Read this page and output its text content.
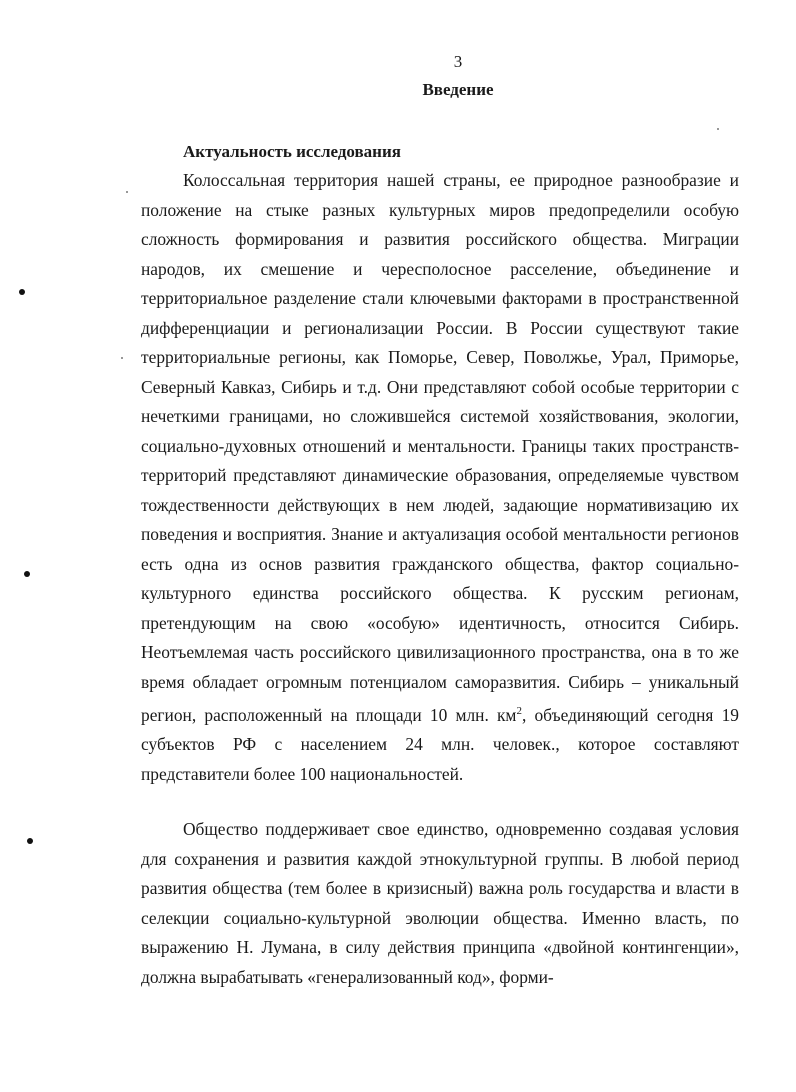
3
Введение
Актуальность исследования

Колоссальная территория нашей страны, ее природное разнообразие и положение на стыке разных культурных миров предопределили особую сложность формирования и развития российского общества. Миграции народов, их смешение и чересполосное расселение, объединение и территориальное разделение стали ключевыми факторами в пространственной дифференциации и регионализации России. В России существуют такие территориальные регионы, как Поморье, Север, Поволжье, Урал, Приморье, Северный Кавказ, Сибирь и т.д. Они представляют собой особые территории с нечеткими границами, но сложившейся системой хозяйствования, экологии, социально-духовных отношений и ментальности. Границы таких пространств-территорий представляют динамические образования, определяемые чувством тождественности действующих в нем людей, задающие нормативизацию их поведения и восприятия. Знание и актуализация особой ментальности регионов есть одна из основ развития гражданского общества, фактор социально-культурного единства российского общества. К русским регионам, претендующим на свою «особую» идентичность, относится Сибирь. Неотъемлемая часть российского цивилизационного пространства, она в то же время обладает огромным потенциалом саморазвития. Сибирь – уникальный регион, расположенный на площади 10 млн. $км^2$, объединяющий сегодня 19 субъектов РФ с населением 24 млн. человек., которое составляют представители более 100 национальностей.

Общество поддерживает свое единство, одновременно создавая условия для сохранения и развития каждой этнокультурной группы. В любой период развития общества (тем более в кризисный) важна роль государства и власти в селекции социально-культурной эволюции общества. Именно власть, по выражению Н. Лумана, в силу действия принципа «двойной контингенции», должна вырабатывать «генерализованный код», форми-
